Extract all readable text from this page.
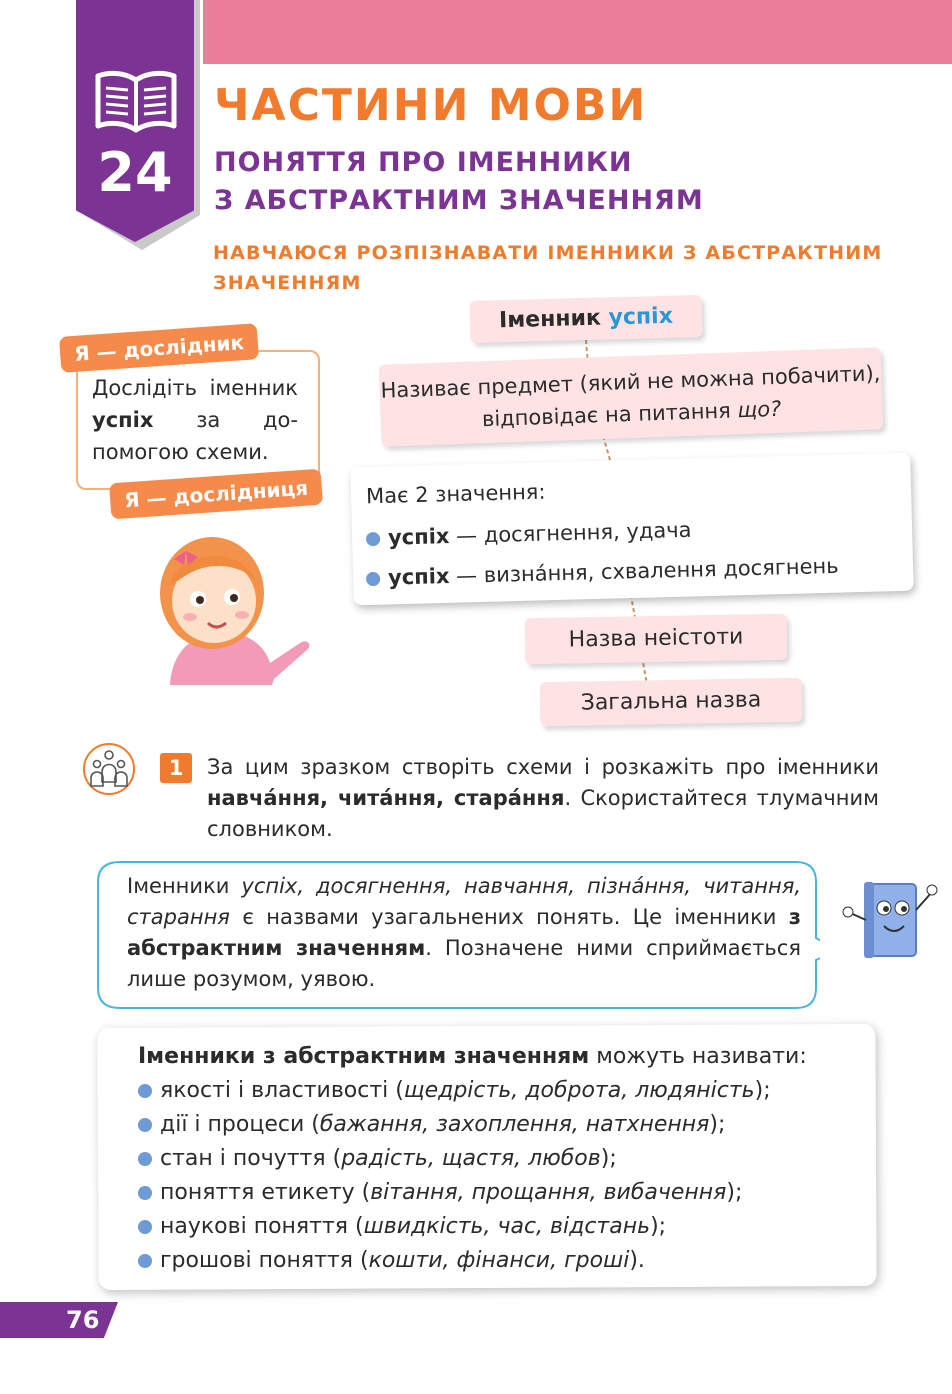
24
ЧАСТИНИ МОВИ
ПОНЯТТЯ ПРО ІМЕННИКИ
З АБСТРАКТНИМ ЗНАЧЕННЯМ
НАВЧАЮСЯ РОЗПІЗНАВАТИ ІМЕННИКИ З АБСТРАКТНИМ ЗНАЧЕННЯМ
Дослідіть іменник успіх за допомогою схеми.
Я — дослідник
Я — дослідниця
Іменник успіх
Називає предмет (який не можна побачити), відповідає на питання що?
Має 2 значення:
успіх — досягнення, удача
успіх — визна́ння, схвалення досягнень
Назва неістоти
Загальна назва
1	За цим зразком створіть схеми і розкажіть про іменники навча́ння, чита́ння, стара́ння. Скористайтеся тлумачним словником.
Іменники успіх, досягнення, навчання, пізна́ння, читання, старання є назвами узагальнених понять. Це іменники з абстрактним значенням. Позначене ними сприймається лише розумом, уявою.
Іменники з абстрактним значенням можуть називати:
якості і властивості (щедрість, доброта, людяність);
дії і процеси (бажання, захоплення, натхнення);
стан і почуття (радість, щастя, любов);
поняття етикету (вітання, прощання, вибачення);
наукові поняття (швидкість, час, відстань);
грошові поняття (кошти, фінанси, гроші).
76
